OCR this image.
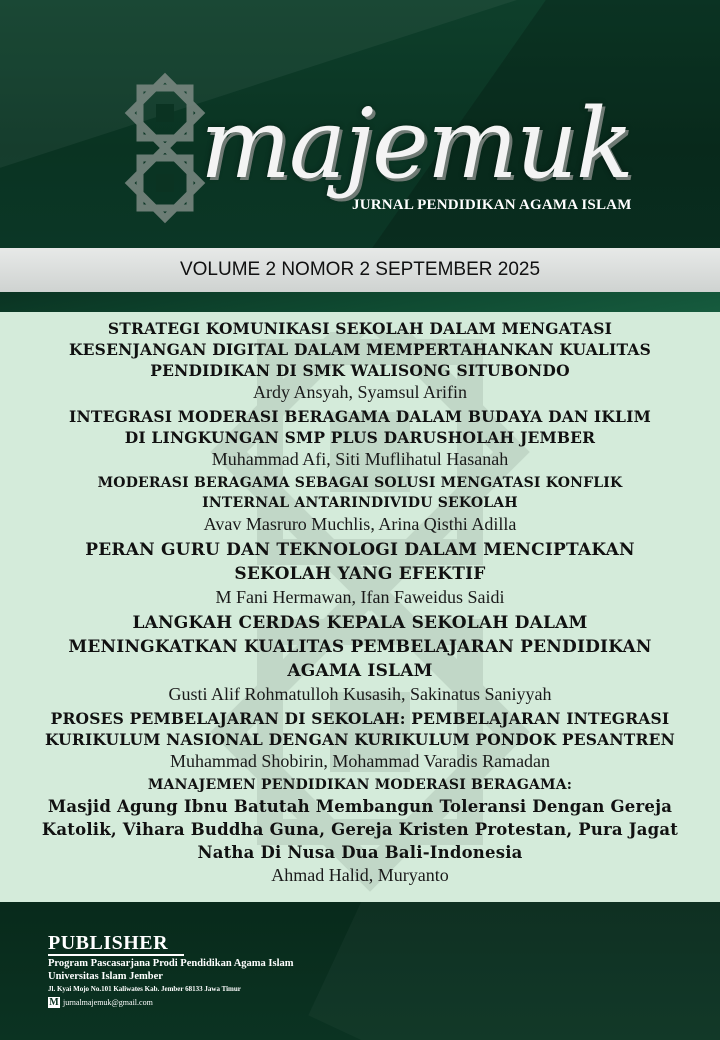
majemuk
JURNAL PENDIDIKAN AGAMA ISLAM
VOLUME 2 NOMOR 2 SEPTEMBER 2025
STRATEGI KOMUNIKASI SEKOLAH DALAM MENGATASI
KESENJANGAN DIGITAL DALAM MEMPERTAHANKAN KUALITAS
PENDIDIKAN DI SMK WALISONG SITUBONDO
Ardy Ansyah, Syamsul Arifin
INTEGRASI MODERASI BERAGAMA DALAM BUDAYA DAN IKLIM
DI LINGKUNGAN SMP PLUS DARUSHOLAH JEMBER
Muhammad Afi, Siti Muflihatul Hasanah
MODERASI BERAGAMA SEBAGAI SOLUSI MENGATASI KONFLIK
INTERNAL ANTARINDIVIDU SEKOLAH
Avav Masruro Muchlis, Arina Qisthi Adilla
PERAN GURU DAN TEKNOLOGI DALAM MENCIPTAKAN
SEKOLAH YANG EFEKTIF
M Fani Hermawan, Ifan Faweidus Saidi
LANGKAH CERDAS KEPALA SEKOLAH DALAM
MENINGKATKAN KUALITAS PEMBELAJARAN PENDIDIKAN
AGAMA ISLAM
Gusti Alif Rohmatulloh Kusasih, Sakinatus Saniyyah
PROSES PEMBELAJARAN DI SEKOLAH: PEMBELAJARAN INTEGRASI
KURIKULUM NASIONAL DENGAN KURIKULUM PONDOK PESANTREN
Muhammad Shobirin, Mohammad Varadis Ramadan
MANAJEMEN PENDIDIKAN MODERASI BERAGAMA:
Masjid Agung Ibnu Batutah Membangun Toleransi Dengan Gereja
Katolik, Vihara Buddha Guna, Gereja Kristen Protestan, Pura Jagat
Natha Di Nusa Dua Bali-Indonesia
Ahmad Halid, Muryanto
PUBLISHER
Program Pascasarjana Prodi Pendidikan Agama Islam
Universitas Islam Jember
Jl. Kyai Mojo No.101 Kaliwates Kab. Jember 68133 Jawa Timur
M jurnalmajemuk@gmail.com
